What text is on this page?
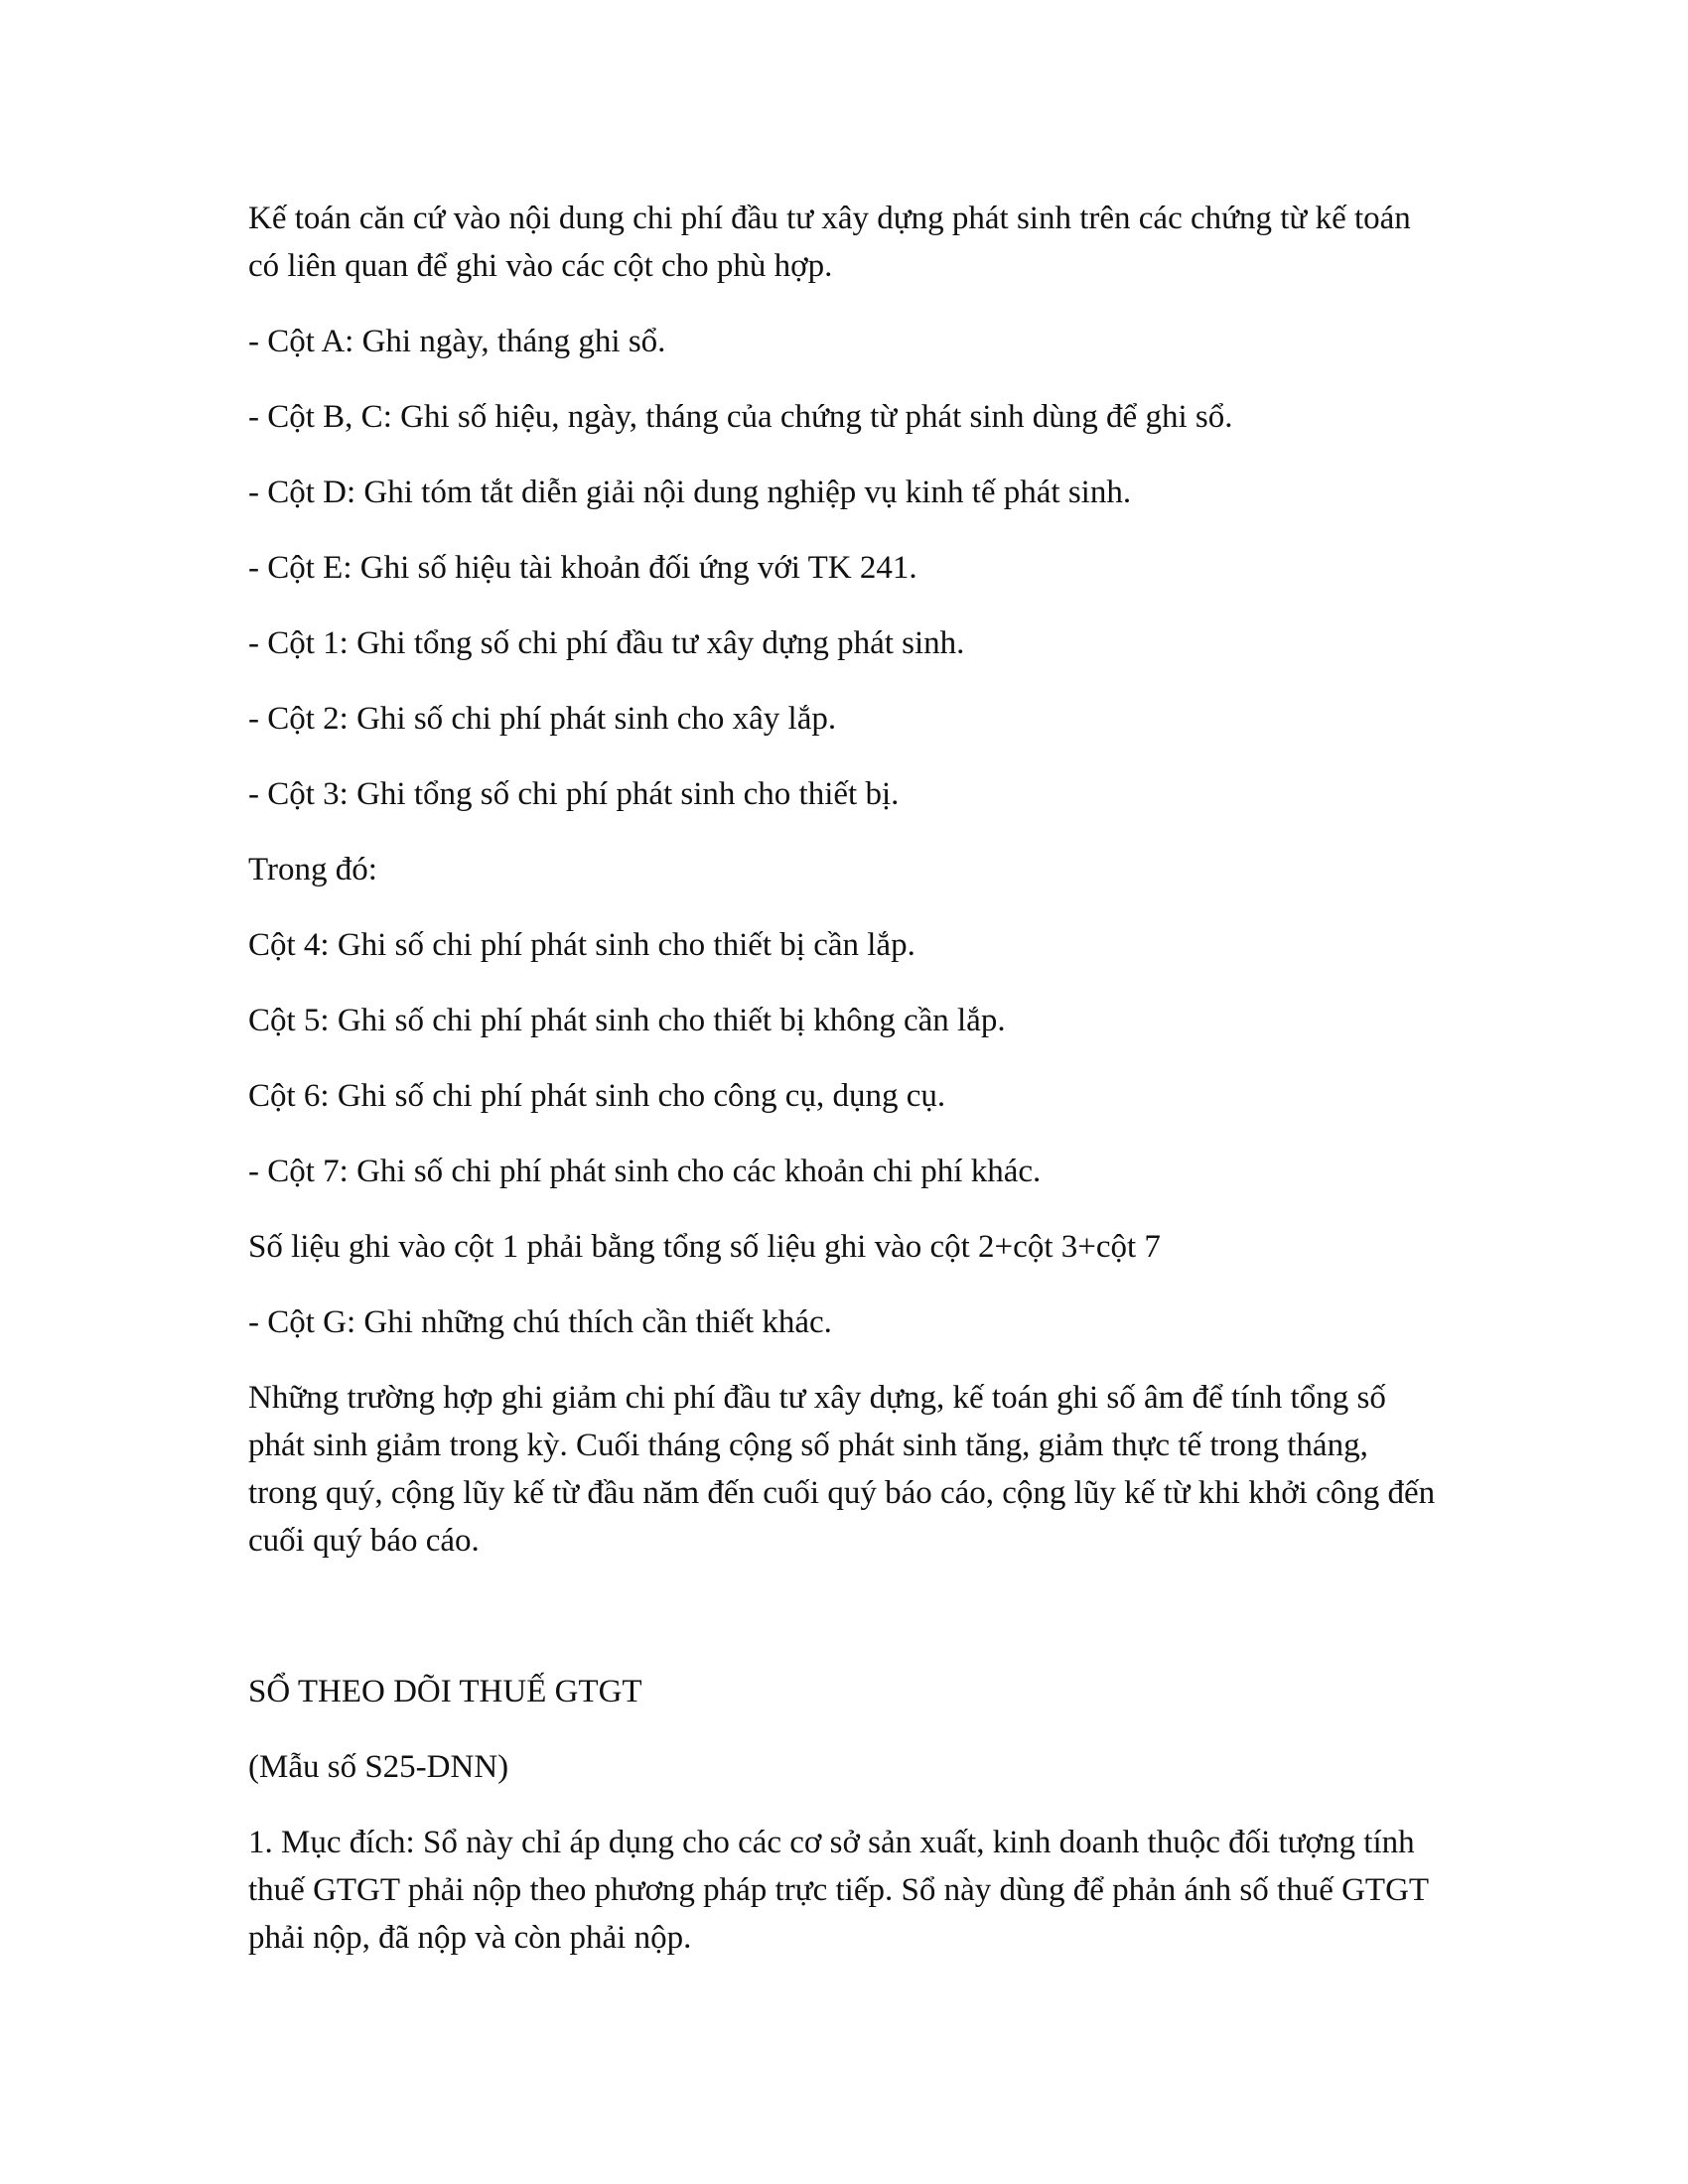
Kế toán căn cứ vào nội dung chi phí đầu tư xây dựng phát sinh trên các chứng từ kế toán có liên quan để ghi vào các cột cho phù hợp.

- Cột A: Ghi ngày, tháng ghi sổ.

- Cột B, C: Ghi số hiệu, ngày, tháng của chứng từ phát sinh dùng để ghi sổ.

- Cột D: Ghi tóm tắt diễn giải nội dung nghiệp vụ kinh tế phát sinh.

- Cột E: Ghi số hiệu tài khoản đối ứng với TK 241.

- Cột 1: Ghi tổng số chi phí đầu tư xây dựng phát sinh.

- Cột 2: Ghi số chi phí phát sinh cho xây lắp.

- Cột 3: Ghi tổng số chi phí phát sinh cho thiết bị.

Trong đó:

Cột 4: Ghi số chi phí phát sinh cho thiết bị cần lắp.

Cột 5: Ghi số chi phí phát sinh cho thiết bị không cần lắp.

Cột 6: Ghi số chi phí phát sinh cho công cụ, dụng cụ.

- Cột 7: Ghi số chi phí phát sinh cho các khoản chi phí khác.

Số liệu ghi vào cột 1 phải bằng tổng số liệu ghi vào cột 2+cột 3+cột 7

- Cột G: Ghi những chú thích cần thiết khác.

Những trường hợp ghi giảm chi phí đầu tư xây dựng, kế toán ghi số âm để tính tổng số phát sinh giảm trong kỳ. Cuối tháng cộng số phát sinh tăng, giảm thực tế trong tháng, trong quý, cộng lũy kế từ đầu năm đến cuối quý báo cáo, cộng lũy kế từ khi khởi công đến cuối quý báo cáo.

SỔ THEO DÕI THUẾ GTGT

(Mẫu số S25-DNN)

1. Mục đích: Sổ này chỉ áp dụng cho các cơ sở sản xuất, kinh doanh thuộc đối tượng tính thuế GTGT phải nộp theo phương pháp trực tiếp. Sổ này dùng để phản ánh số thuế GTGT phải nộp, đã nộp và còn phải nộp.
